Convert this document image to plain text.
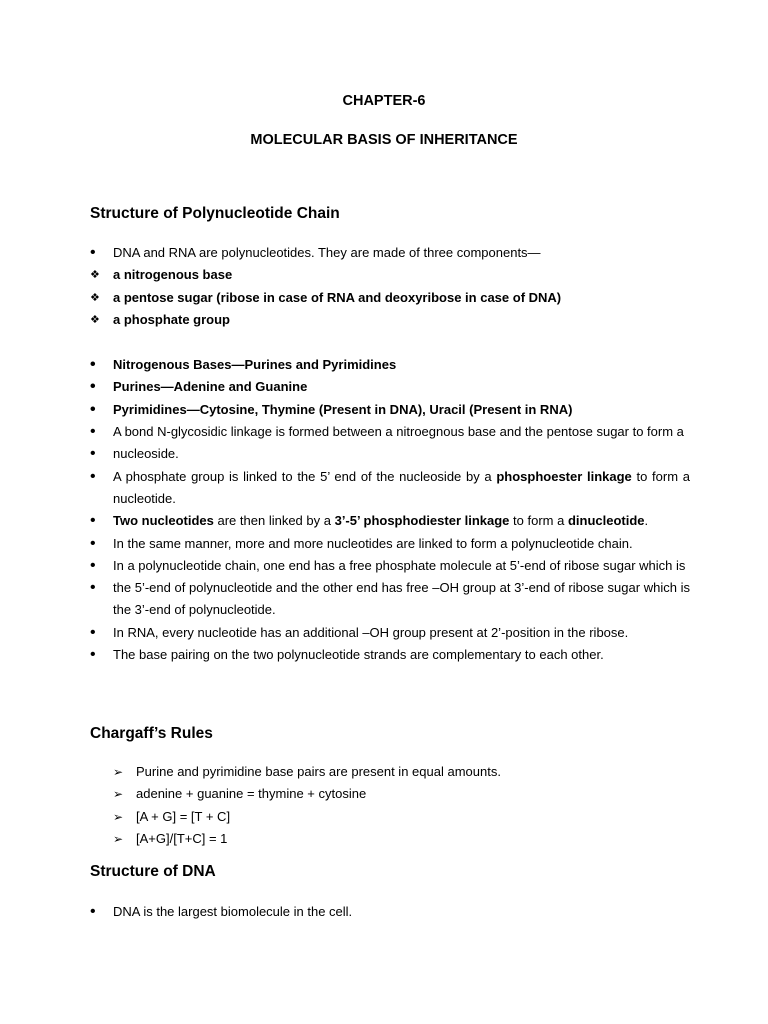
CHAPTER-6
MOLECULAR BASIS OF INHERITANCE
Structure of Polynucleotide Chain
•	DNA and RNA are polynucleotides. They are made of three components—
❖	a nitrogenous base
❖	a pentose sugar (ribose in case of RNA and deoxyribose in case of DNA)
❖	a phosphate group
•	Nitrogenous Bases—Purines and Pyrimidines
•	Purines—Adenine and Guanine
•	Pyrimidines—Cytosine, Thymine (Present in DNA), Uracil (Present in RNA)
•	A bond N-glycosidic linkage is formed between a nitroegnous base and the pentose sugar to form a
•	nucleoside.
•	A phosphate group is linked to the 5’ end of the nucleoside by a phosphoester linkage to form a nucleotide.
•	Two nucleotides are then linked by a 3’-5’ phosphodiester linkage to form a dinucleotide.
•	In the same manner, more and more nucleotides are linked to form a polynucleotide chain.
•	In a polynucleotide chain, one end has a free phosphate molecule at 5’-end of ribose sugar which is
•	the 5’-end of polynucleotide and the other end has free –OH group at 3’-end of ribose sugar which is the 3’-end of polynucleotide.
•	In RNA, every nucleotide has an additional –OH group present at 2’-position in the ribose.
•	The base pairing on the two polynucleotide strands are complementary to each other.
Chargaff’s Rules
➢ Purine and pyrimidine base pairs are present in equal amounts.
➢ adenine + guanine = thymine + cytosine
➢ [A + G] = [T + C]
➢ [A+G]/[T+C] = 1
Structure of DNA
•	DNA is the largest biomolecule in the cell.
